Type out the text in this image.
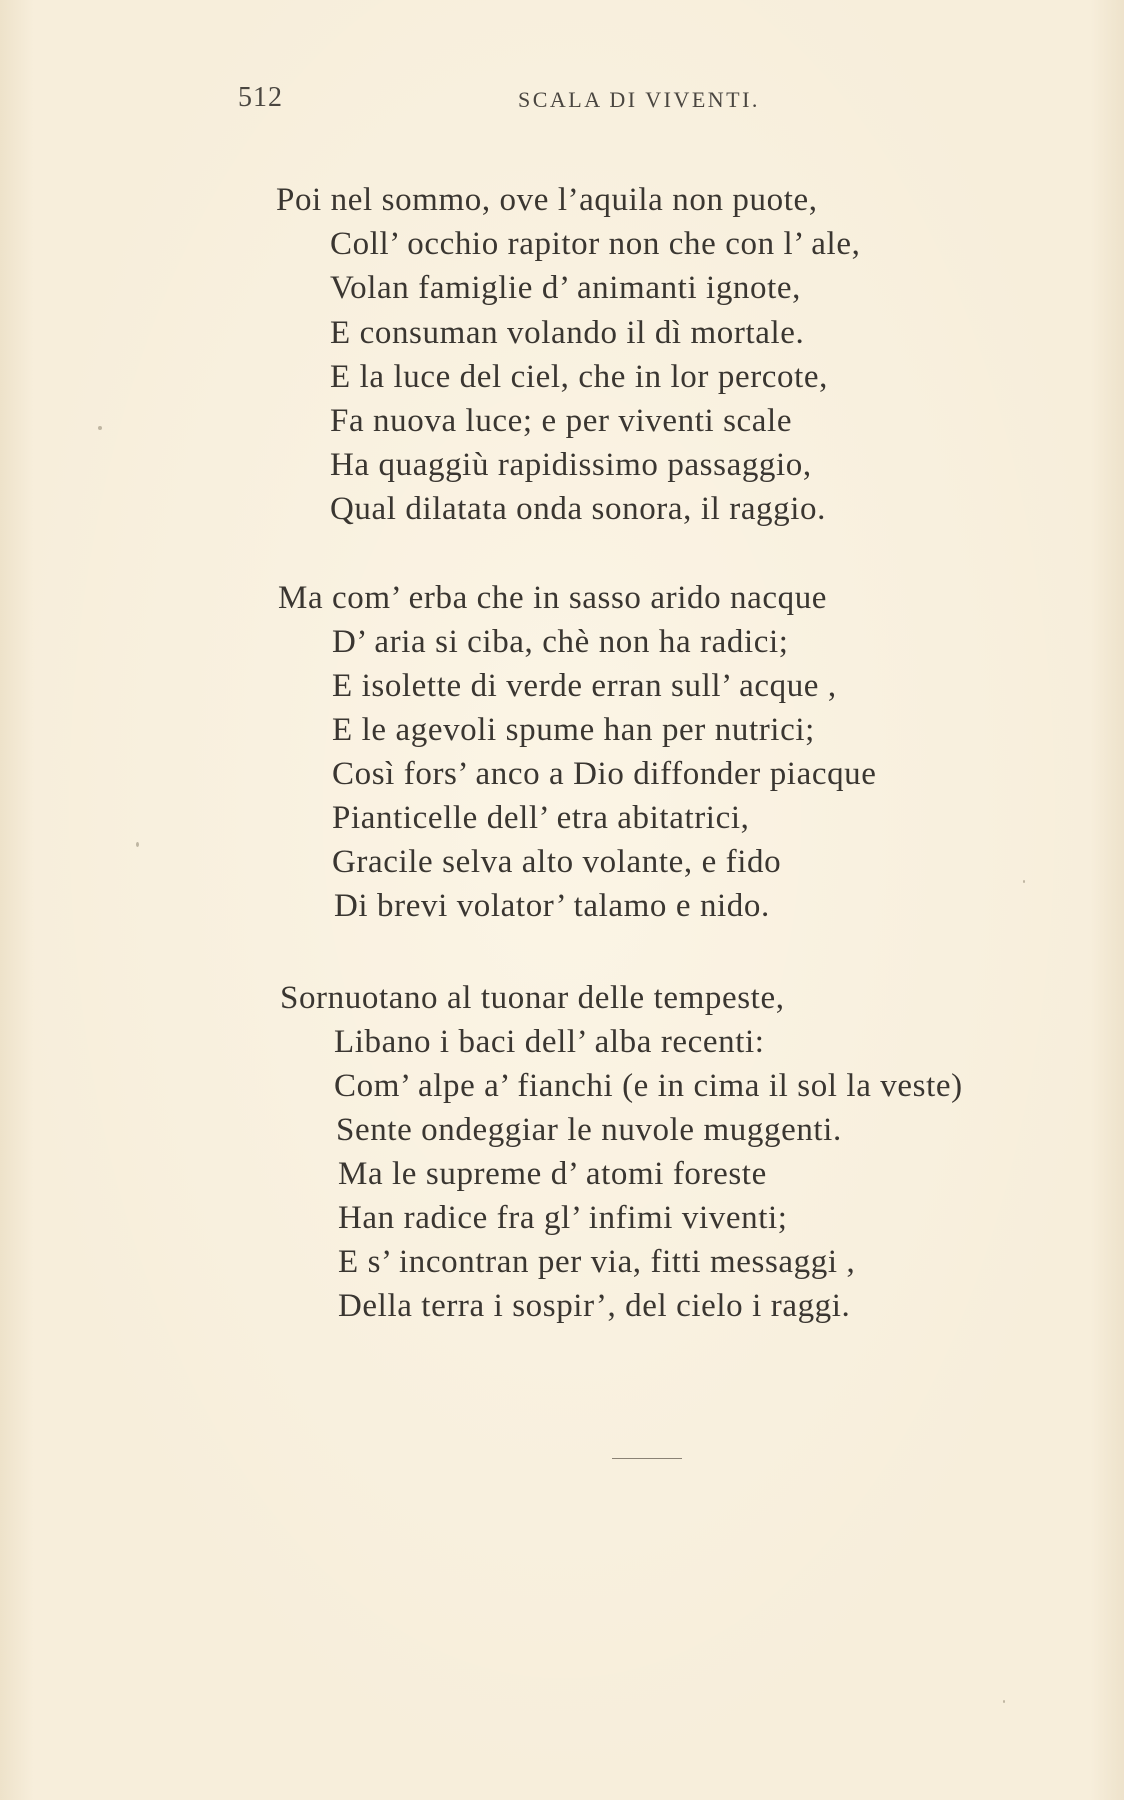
512	SCALA DI VIVENTI.
Poi nel sommo, ove l’aquila non puote,
Coll’ occhio rapitor non che con l’ ale,
Volan famiglie d’ animanti ignote,
E consuman volando il dì mortale.
E la luce del ciel, che in lor percote,
Fa nuova luce; e per viventi scale
Ha quaggiù rapidissimo passaggio,
Qual dilatata onda sonora, il raggio.
Ma com’ erba che in sasso arido nacque
D’ aria si ciba, chè non ha radici;
E isolette di verde erran sull’ acque ,
E le agevoli spume han per nutrici;
Così fors’ anco a Dio diffonder piacque
Pianticelle dell’ etra abitatrici,
Gracile selva alto volante, e fido
Di brevi volator’ talamo e nido.
Sornuotano al tuonar delle tempeste,
Libano i baci dell’ alba recenti:
Com’ alpe a’ fianchi (e in cima il sol la veste)
Sente ondeggiar le nuvole muggenti.
Ma le supreme d’ atomi foreste
Han radice fra gl’ infimi viventi;
E s’ incontran per via, fitti messaggi ,
Della terra i sospir’, del cielo i raggi.
